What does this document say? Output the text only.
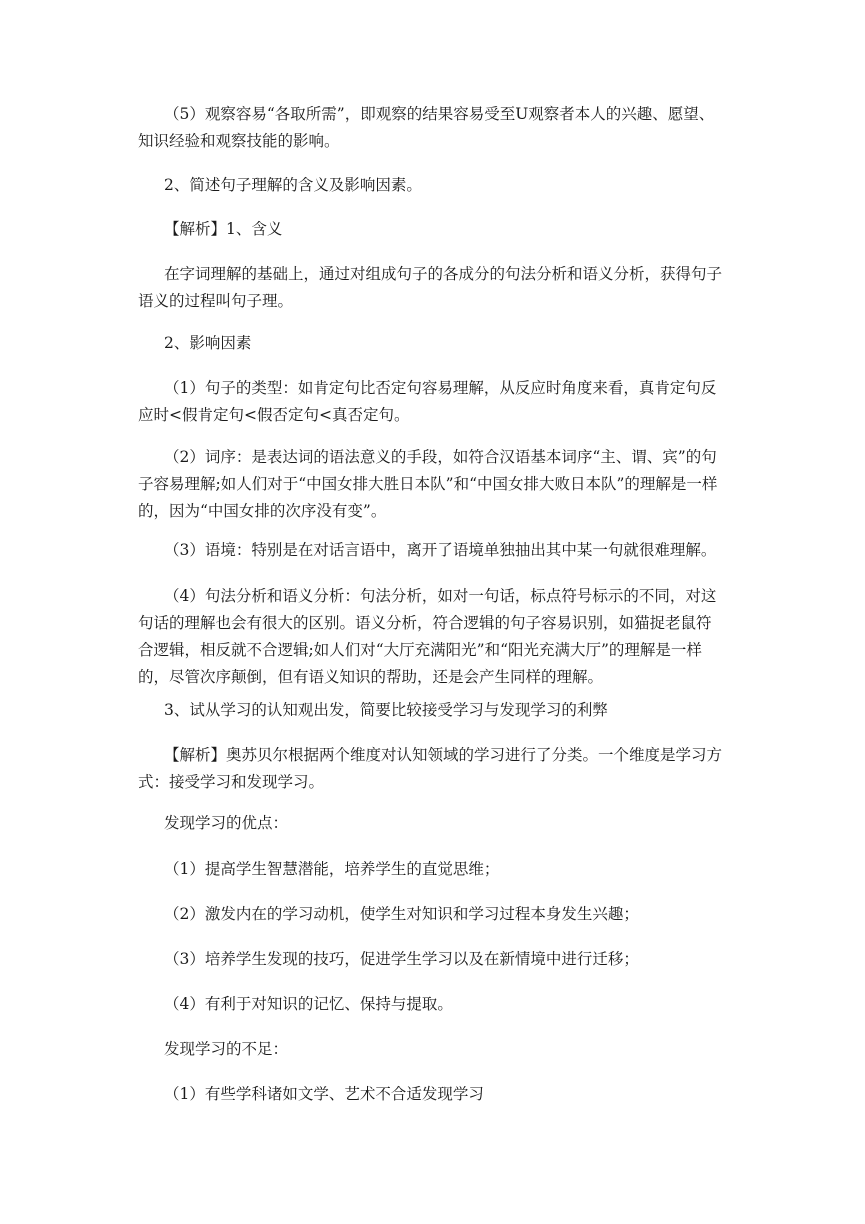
（5）观察容易“各取所需”，即观察的结果容易受至U观察者本人的兴趣、愿望、知识经验和观察技能的影响。

2、简述句子理解的含义及影响因素。

【解析】1、含义

在字词理解的基础上，通过对组成句子的各成分的句法分析和语义分析，获得句子语义的过程叫句子理。

2、影响因素

（1）句子的类型：如肯定句比否定句容易理解，从反应时角度来看，真肯定句反应时<假肯定句<假否定句<真否定句。

（2）词序：是表达词的语法意义的手段，如符合汉语基本词序“主、谓、宾”的句子容易理解;如人们对于“中国女排大胜日本队”和“中国女排大败日本队”的理解是一样的，因为“中国女排的次序没有变”。

（3）语境：特别是在对话言语中，离开了语境单独抽出其中某一句就很难理解。

（4）句法分析和语义分析：句法分析，如对一句话，标点符号标示的不同，对这句话的理解也会有很大的区别。语义分析，符合逻辑的句子容易识别，如猫捉老鼠符合逻辑，相反就不合逻辑;如人们对“大厅充满阳光”和“阳光充满大厅”的理解是一样的，尽管次序颠倒，但有语义知识的帮助，还是会产生同样的理解。

3、试从学习的认知观出发，简要比较接受学习与发现学习的利弊

【解析】奥苏贝尔根据两个维度对认知领域的学习进行了分类。一个维度是学习方式：接受学习和发现学习。

发现学习的优点：

（1）提高学生智慧潜能，培养学生的直觉思维；

（2）激发内在的学习动机，使学生对知识和学习过程本身发生兴趣；

（3）培养学生发现的技巧，促进学生学习以及在新情境中进行迁移；

（4）有利于对知识的记忆、保持与提取。

发现学习的不足：

（1）有些学科诸如文学、艺术不合适发现学习
